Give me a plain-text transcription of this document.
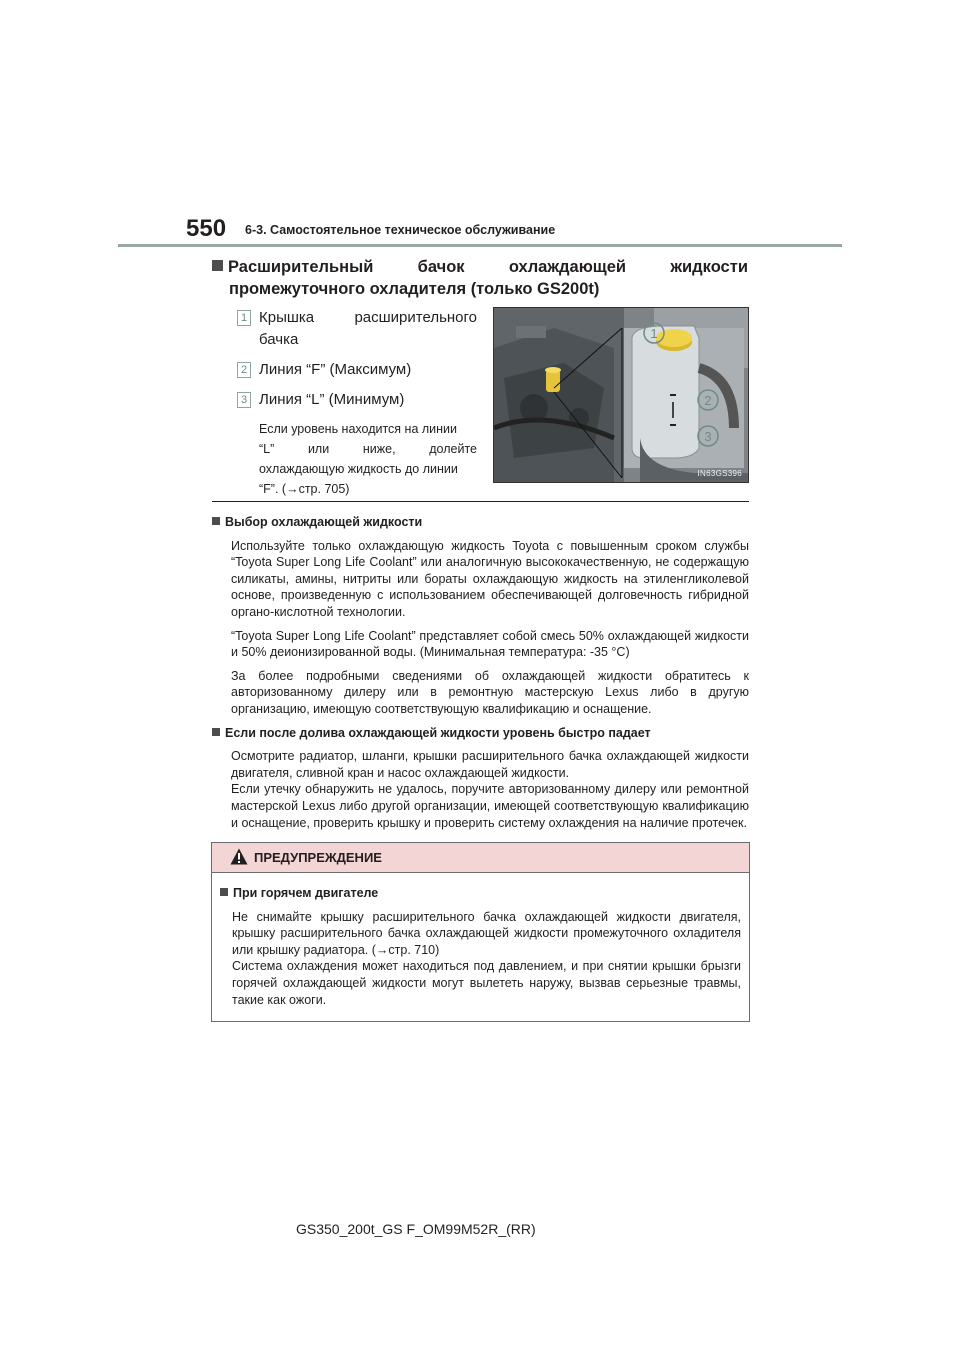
550 6-3. Самостоятельное техническое обслуживание
Расширительный	бачок	охлаждающей	жидкости
промежуточного охладителя (только GS200t)
1 Крышка расширительного бачка
2 Линия “F” (Максимум)
3 Линия “L” (Минимум)
Если уровень находится на линии
“L”	или	ниже,	долейте
охлаждающую жидкость до линии
“F”. (→стр. 705)
1
2
3
IN63GS396
Выбор охлаждающей жидкости

Используйте только охлаждающую жидкость Toyota с повышенным сроком службы “Toyota Super Long Life Coolant” или аналогичную высококачественную, не содержащую силикаты, амины, нитриты или бораты охлаждающую жидкость на этиленгликолевой основе, произведенную с использованием обеспечивающей долговечность гибридной органо-кислотной технологии.

“Toyota Super Long Life Coolant” представляет собой смесь 50% охлаждающей жидкости и 50% деионизированной воды. (Минимальная температура: -35 °C)

За более подробными сведениями об охлаждающей жидкости обратитесь к авторизованному дилеру или в ремонтную мастерскую Lexus либо в другую организацию, имеющую соответствующую квалификацию и оснащение.

Если после долива охлаждающей жидкости уровень быстро падает
Осмотрите радиатор, шланги, крышки расширительного бачка охлаждающей жидкости двигателя, сливной кран и насос охлаждающей жидкости.
Если утечку обнаружить не удалось, поручите авторизованному дилеру или ремонтной мастерской Lexus либо другой организации, имеющей соответствующую квалификацию и оснащение, проверить крышку и проверить систему охлаждения на наличие протечек.
ПРЕДУПРЕЖДЕНИЕ
При горячем двигателе
Не снимайте крышку расширительного бачка охлаждающей жидкости двигателя, крышку расширительного бачка охлаждающей жидкости промежуточного охладителя или крышку радиатора. (→стр. 710)
Система охлаждения может находиться под давлением, и при снятии крышки брызги горячей охлаждающей жидкости могут вылететь наружу, вызвав серьезные травмы, такие как ожоги.
GS350_200t_GS F_OM99M52R_(RR)
